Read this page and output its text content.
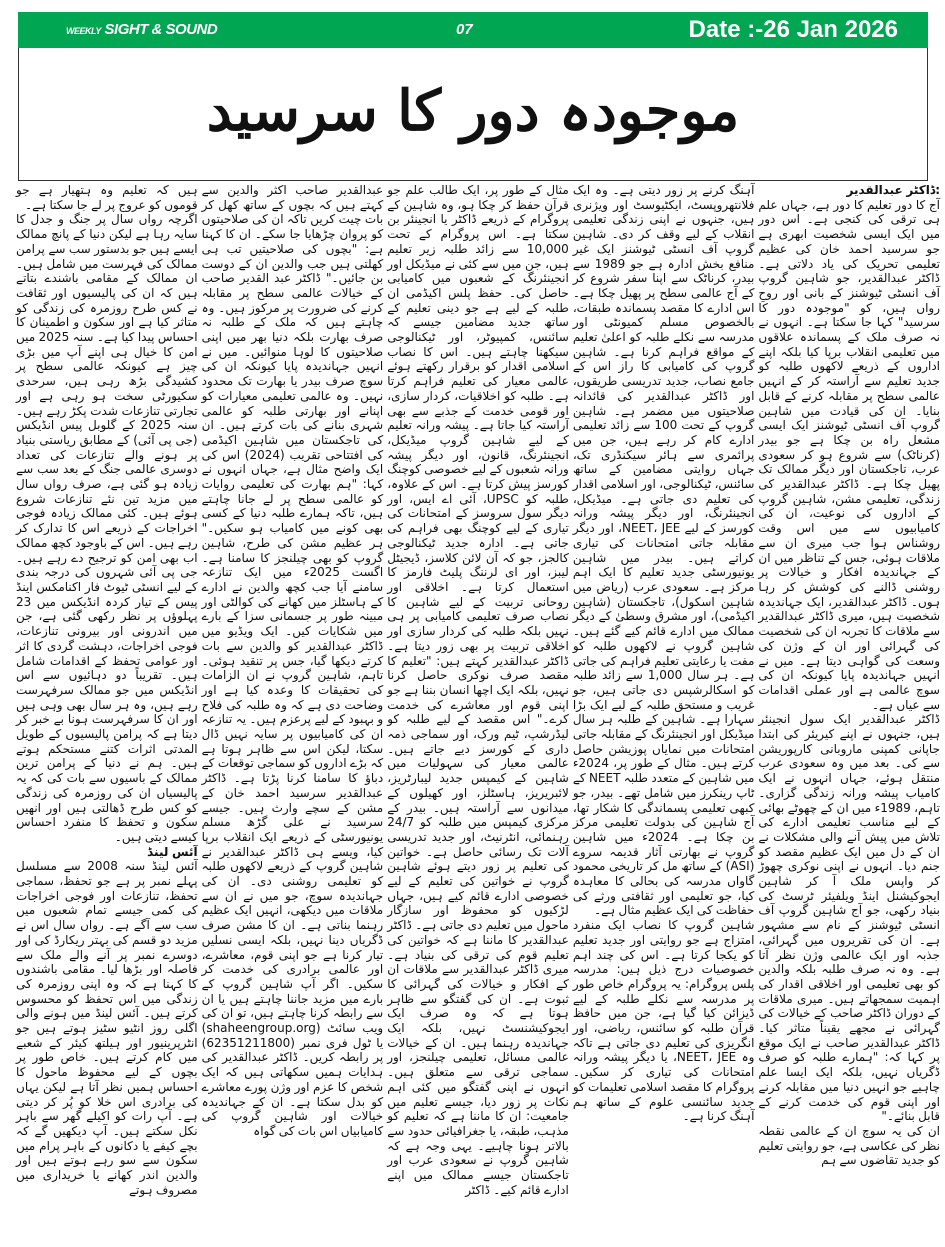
WEEKLY SIGHT & SOUND	07	Date :-26 Jan 2026
موجودہ دور کا سرسید

:ڈاکٹر عبدالقدیر

آج کا دور تعلیم کا دور ہے، جہاں علم ہی ترقی کی کنجی ہے۔ اس دور میں ایک ایسی شخصیت ابھری ہے جو سرسید احمد خان کی عظیم تعلیمی تحریک کی یاد دلاتی ہے۔ ڈاکٹر عبدالقدیر، جو شاہین گروپ آف انسٹی ٹیوشنز کے بانی اور روحِ رواں ہیں، کو "موجودہ دور کا سرسید" کہا جا سکتا ہے۔ انہوں نے نہ صرف ملک کے پسماندہ علاقوں میں تعلیمی انقلاب برپا کیا بلکہ اپنے اداروں کے ذریعے لاکھوں طلبہ کو جدید تعلیم سے آراستہ کر کے انہیں عالمی سطح پر مقابلہ کرنے کے قابل بنایا۔ ان کی قیادت میں شاہین گروپ آف انسٹی ٹیوشنز ایک ایسی مشعل راہ بن چکا ہے جو بیدر (کرناٹک) سے شروع ہو کر سعودی عرب، تاجکستان اور دیگر ممالک تک پھیل چکا ہے۔ ڈاکٹر عبدالقدیر کی زندگی، تعلیمی مشن، شاہین گروپ کے اداروں کی نوعیت، ان کی کامیابیوں سے میں اس وقت روشناس ہوا جب میری ان سے ملاقات ہوئی، جس کے تناظر میں ان کے جہاندیدہ افکار و خیالات پر روشنی ڈالنے کی کوشش کر رہا ہوں۔ ڈاکٹر عبدالقدیر، ایک جہاندیدہ شخصیت ہیں، میری ڈاکٹر عبدالقدیر سے ملاقات کا تجربہ ان کی شخصیت کی گہرائی اور ان کے وژن کی وسعت کی گواہی دیتا ہے۔ میں نے انہیں جہاندیدہ پایا کیونکہ ان کی سوچ عالمی ہے اور عملی اقدامات سے عیاں ہے۔

ڈاکٹر عبدالقدیر ایک سول انجینئر ہیں، جنہوں نے اپنے کیریئر کی ابتدا جاپانی کمپنی ماروبانی کارپوریشن سے کی۔ بعد میں وہ سعودی عرب منتقل ہوئے، جہاں انہوں نے ایک کامیاب پیشہ ورانہ زندگی گزاری۔ تاہم، 1989ء میں ان کے چھوٹے بھائی کے لیے مناسب تعلیمی ادارے کی تلاش میں پیش آنے والی مشکلات نے ان کے دل میں ایک عظیم مقصد کو جنم دیا۔ انہوں نے اپنی نوکری چھوڑ کر واپس ملک آ کر شاہین ایجوکیشنل اینڈ ویلفیئر ٹرسٹ کی بنیاد رکھی، جو آج شاہین گروپ آف انسٹی ٹیوشنز کے نام سے مشہور ہے۔ ان کی تقریروں میں گہرائی، جذبہ اور ایک عالمی وژن نظر آتا ہے۔ وہ نہ صرف طلبہ بلکہ والدین کو بھی تعلیمی اور اخلاقی اقدار کی اہمیت سمجھاتے ہیں۔ میری ملاقات کے دوران ڈاکٹر صاحب کے خیالات کی گہرائی نے مجھے یقیناً متاثر کیا۔ ڈاکٹر عبدالقدیر صاحب نے ایک موقع پر کہا کہ: "ہمارے طلبہ کو صرف ڈگریاں نہیں، بلکہ ایک ایسا علم چاہیے جو انہیں دنیا میں مقابلہ کرنے اور اپنی قوم کی خدمت کرنے کے قابل بنائے۔"

ان کی یہ سوچ ان کے عالمی نقطہ نظر کی عکاسی ہے، جو روایتی تعلیم کو جدید تقاضوں سے ہم

آہنگ کرنے پر زور دیتی ہے۔ وہ ایک فلانتھروپسٹ، ایکٹیوسٹ اور ویژنری ہیں، جنہوں نے اپنی زندگی تعلیمی انقلاب کے لیے وقف کر دی۔ شاہین گروپ آف انسٹی ٹیوشنز ایک غیر منافع بخش ادارہ ہے جو 1989 سے بیدر، کرناٹک سے اپنا سفر شروع کر کے آج عالمی سطح پر پھیل چکا ہے۔ اس ادارے کا مقصد پسماندہ طبقات، بالخصوص مسلم کمیونٹی اور مدرسہ سے نکلے طلبہ کو اعلیٰ تعلیم کے مواقع فراہم کرنا ہے۔ شاہین گروپ کی کامیابی کا راز اس کے جامع نصاب، جدید تدریسی طریقوں، اور ڈاکٹر عبدالقدیر کی قائدانہ صلاحیتوں میں مضمر ہے۔ شاہین گروپ کے تحت 100 سے زائد تعلیمی ادارے کام کر رہے ہیں، جن میں پرائمری سے ہائر سیکنڈری تک، جہاں روایتی مضامین کے ساتھ سائنس، ٹیکنالوجی، اور اسلامی اقدار کی تعلیم دی جاتی ہے۔ میڈیکل، انجینئرنگ، اور دیگر پیشہ ورانہ کورسز کے لیے NEET، JEE، اور دیگر مقابلہ جاتی امتحانات کی تیاری کراتے ہیں۔ بیدر میں شاہین یونیورسٹی جدید تعلیم کا ایک اہم مرکز ہے۔ سعودی عرب (ریاض میں شاہین اسکول)، تاجکستان (شاہین اکیڈمی)، اور مشرق وسطیٰ کے دیگر ممالک میں ادارے قائم کیے گئے ہیں۔ شاہین گروپ نے لاکھوں طلبہ کو مفت یا رعایتی تعلیم فراہم کی جاتی ہے۔ ہر سال 1,000 سے زائد طلبہ کو اسکالرشپس دی جاتی ہیں، جو غریب و مستحق طلبہ کے لیے ایک بڑا سہارا ہے۔ شاہین کے طلبہ ہر سال میڈیکل اور انجینئرنگ کے مقابلہ جاتی امتحانات میں نمایاں پوزیشن حاصل کرتے ہیں۔ مثال کے طور پر، 2024ء میں شاہین کے متعدد طلبہ NEET کے ٹاپ رینکرز میں شامل تھے۔ بیدر، جو کبھی تعلیمی پسماندگی کا شکار تھا، آج شاہین کی بدولت تعلیمی مرکز بن چکا ہے۔ 2024ء میں شاہین گروپ نے بھارتی آثار قدیمہ سروے (ASI) کے ساتھ مل کر تاریخی محمود گاواں مدرسہ کی بحالی کا معاہدہ کیا، جو تعلیمی اور ثقافتی ورثے کی حفاظت کی ایک عظیم مثال ہے۔

شاہین گروپ کا نصاب ایک منفرد امتزاج ہے جو روایتی اور جدید تعلیم کو یکجا کرتا ہے۔ اس کی چند اہم خصوصیات درج ذیل ہیں: مدرسہ پلس پروگرام: یہ پروگرام خاص طور پر مدرسہ سے نکلے طلبہ کے لیے ڈیزائن کیا گیا ہے، جن میں حافظ قرآن طلبہ کو سائنس، ریاضی، اور انگریزی کی تعلیم دی جاتی ہے تاکہ وہ NEET، JEE، یا دیگر پیشہ ورانہ امتحانات کی تیاری کر سکیں۔ پروگرام کا مقصد اسلامی تعلیمات کو جدید سائنسی علوم کے ساتھ ہم آہنگ کرنا ہے۔

مثال کے طور پر، ایک طالب علم جو قرآن حفظ کر چکا ہو، وہ شاہین کے پروگرام کے ذریعے ڈاکٹر یا انجینئر بن سکتا ہے۔ اس پروگرام کے تحت 10,000 سے زائد طلبہ زیر تعلیم ہیں، جن میں سے کئی نے میڈیکل اور انجینئرنگ کے شعبوں میں کامیابی حاصل کی۔ حفظ پلس اکیڈمی ان طلبہ کے لیے ہے جو دینی تعلیم کے ساتھ جدید مضامین جیسے کہ سائنس، کمپیوٹر، اور ٹیکنالوجی سیکھنا چاہتے ہیں۔ اس کا نصاب اسلامی اقدار کو برقرار رکھتے ہوئے عالمی معیار کی تعلیم فراہم کرتا ہے۔ طلبہ کو اخلاقیات، کردار سازی، اور قومی خدمت کے جذبے سے بھی آراستہ کیا جاتا ہے۔ پیشہ ورانہ تعلیم کے لیے شاہین گروپ میڈیکل، انجینئرنگ، قانون، اور دیگر پیشہ ورانہ شعبوں کے لیے خصوصی کوچنگ کورسز پیش کرتا ہے۔ اس کے علاوہ، طلبہ کو UPSC، آئی اے ایس، اور دیگر سول سروسز کے امتحانات کی تیاری کے لیے کوچنگ بھی فراہم کی جاتی ہے۔ ادارہ جدید ٹیکنالوجی کالجز، جو کہ آن لائن کلاسز، ڈیجیٹل لیبز، اور ای لرننگ پلیٹ فارمز کا استعمال کرتا ہے۔ اخلاقی اور روحانی تربیت کے لیے شاہین کا نصاب صرف تعلیمی کامیابی پر ہی نہیں بلکہ طلبہ کی کردار سازی اور اخلاقی تربیت پر بھی زور دیتا ہے۔ ڈاکٹر عبدالقدیر کہتے ہیں: "تعلیم کا مقصد صرف نوکری حاصل کرنا نہیں، بلکہ ایک اچھا انسان بننا ہے جو اپنی قوم اور معاشرے کی خدمت کرے۔" اس مقصد کے لیے طلبہ کو لیڈرشپ، ٹیم ورک، اور سماجی ذمہ داری کے کورسز دیے جاتے ہیں۔ عالمی معیار کی سہولیات میں شاہین کے کیمپس جدید لیبارٹریز، لائبریریز، ہاسٹلز، اور کھیلوں کے میدانوں سے آراستہ ہیں۔ بیدر کے مرکزی کیمپس میں طلبہ کو 24/7 رہنمائی، انٹرنیٹ، اور جدید تدریسی آلات تک رسائی حاصل ہے۔ خواتین کی تعلیم پر زور دیتے ہوئے شاہین گروپ نے خواتین کی تعلیم کے لیے خصوصی ادارے قائم کیے ہیں، جہاں لڑکیوں کو محفوظ اور سازگار ماحول میں تعلیم دی جاتی ہے۔ ڈاکٹر عبدالقدیر کا ماننا ہے کہ خواتین کی تعلیم قوم کی ترقی کی بنیاد ہے۔ میری ڈاکٹر عبدالقدیر سے ملاقات ان کے افکار و خیالات کی گہرائی کا ثبوت ہے۔ ان کی گفتگو سے ظاہر ہوتا ہے کہ وہ صرف ایک ایجوکیشنسٹ نہیں، بلکہ ایک جہاندیدہ رہنما ہیں۔ ان کے خیالات عالمی مسائل، تعلیمی چیلنجز، اور سماجی ترقی سے متعلق ہیں۔ انہوں نے اپنی گفتگو میں کئی اہم نکات پر زور دیا، جیسے تعلیم میں جامعیت: ان کا ماننا ہے کہ تعلیم کو مذہب، طبقہ، یا جغرافیائی حدود سے بالاتر ہونا چاہیے۔ یہی وجہ ہے کہ شاہین گروپ نے سعودی عرب اور تاجکستان جیسے ممالک میں اپنے ادارے قائم کیے۔ ڈاکٹر

عبدالقدیر صاحب اکثر والدین سے کہتے ہیں کہ بچوں کے ساتھ کھل کر بات چیت کریں تاکہ ان کی صلاحیتوں کو پروان چڑھایا جا سکے۔ ان کا کہنا ہے: "بچوں کی صلاحیتیں تب ہی کھلتی ہیں جب والدین ان کے دوست بن جائیں۔" ڈاکٹر عبد القدیر صاحب کے خیالات عالمی سطح پر مقابلہ کرنے کی ضرورت پر مرکوز ہیں۔ وہ چاہتے ہیں کہ ملک کے طلبہ نہ صرف بھارت بلکہ دنیا بھر میں اپنی صلاحیتوں کا لوہا منوائیں۔ میں نے انہیں جہاندیدہ پایا کیونکہ ان کی سوچ صرف بیدر یا بھارت تک محدود نہیں۔ وہ عالمی تعلیمی معیارات کو اپنانے اور بھارتی طلبہ کو عالمی شہری بنانے کی بات کرتے ہیں۔ ان کی تاجکستان میں شاہین اکیڈمی کی افتتاحی تقریب (2024) اس کی ایک واضح مثال ہے، جہاں انہوں نے کہا: "ہم بھارت کی تعلیمی روایات کو عالمی سطح پر لے جانا چاہتے ہیں، تاکہ ہمارے طلبہ دنیا کے کسی بھی کونے میں کامیاب ہو سکیں۔" ہر عظیم مشن کی طرح، شاہین گروپ کو بھی چیلنجز کا سامنا ہے۔ اگست 2025ء میں ایک تنازعہ سامنے آیا جب کچھ والدین نے ادارے کے ہاسٹلز میں کھانے کی کوالٹی اور مبینہ طور پر جسمانی سزا کے بارے میں شکایات کیں۔ ایک ویڈیو میں ڈاکٹر عبدالقدیر کو والدین سے بات کرتے دیکھا گیا، جس پر تنقید ہوئی۔ تاہم، شاہین گروپ نے ان الزامات کی تحقیقات کا وعدہ کیا ہے اور وضاحت دی ہے کہ وہ طلبہ کی فلاح و بہبود کے لیے پرعزم ہیں۔ یہ تنازعہ ان کی کامیابیوں پر سایہ نہیں ڈال سکتا، لیکن اس سے ظاہر ہوتا ہے کہ بڑے اداروں کو سماجی توقعات کے دباؤ کا سامنا کرنا پڑتا ہے۔ ڈاکٹر عبدالقدیر سرسید احمد خان کے مشن کے سچے وارث ہیں۔ جیسے سرسید نے علی گڑھ مسلم یونیورسٹی کے ذریعے ایک انقلاب برپا کیا، ویسے ہی ڈاکٹر عبدالقدیر نے شاہین گروپ کے ذریعے لاکھوں طلبہ کو تعلیمی روشنی دی۔ ان کی جہاندیدہ سوچ، جو میں نے ان سے ملاقات میں دیکھی، انہیں ایک عظیم رہنما بناتی ہے۔ ان کا مشن صرف ڈگریاں دینا نہیں، بلکہ ایسی نسلیں تیار کرنا ہے جو اپنی قوم، معاشرے، اور عالمی برادری کی خدمت کر سکیں۔ اگر آپ شاہین گروپ کے بارے میں مزید جاننا چاہتے ہیں یا ان سے رابطہ کرنا چاہتے ہیں، تو ان کی ویب سائٹ (shaheengroup.org) یا ٹول فری نمبر (62351211800) پر رابطہ کریں۔ ڈاکٹر عبدالقدیر کی ہدایات ہمیں سکھاتی ہیں کہ ایک شخص کا عزم اور وژن پورے معاشرے کو بدل سکتا ہے۔ ان کے جہاندیدہ خیالات اور شاہین گروپ کی کامیابیاں اس بات کی گواہ

ہیں کہ تعلیم وہ ہتھیار ہے جو قوموں کو عروج پر لے جا سکتا ہے۔

اگرچہ رواں سال پر جنگ و جدل کا سایہ رہا ہے لیکن دنیا کے پانچ ممالک ایسے ہیں جو بدستور سب سے پرامن ممالک کی فہرست میں شامل ہیں۔ ان ممالک کے مقامی باشندے بتاتے ہیں کہ ان کی پالیسیوں اور ثقافت نے کس طرح روزمرہ کی زندگی کو متاثر کیا ہے اور سکون و اطمینان کا احساس پیدا کیا ہے۔ سنہ 2025 میں امن کا خیال ہی اپنے آپ میں بڑی چیز ہے کیونکہ عالمی سطح پر کشیدگی بڑھ رہی ہیں، سرحدی سکیورٹی سخت ہو رہی ہے اور تجارتی تنازعات شدت پکڑ رہے ہیں۔ سنہ 2025 کے گلوبل پیس انڈیکس (جی پی آئی) کے مطابق ریاستی بنیاد پر ہونے والے تنازعات کی تعداد دوسری عالمی جنگ کے بعد سب سے زیادہ ہو گئی ہے، صرف رواں سال میں مزید تین نئے تنازعات شروع ہوئے ہیں۔ کئی ممالک زیادہ فوجی اخراجات کے ذریعے اس کا تدارک کر رہے ہیں۔ اس کے باوجود کچھ ممالک اب بھی امن کو ترجیح دے رہے ہیں۔ جی پی آئی شہروں کی درجہ بندی کے لیے انسٹی ٹیوٹ فار اکنامکس اینڈ پیس کے تیار کردہ انڈیکس میں 23 پہلوؤں پر نظر رکھی گئی ہے، جن میں اندرونی اور بیرونی تنازعات، فوجی اخراجات، دہشت گردی کا اثر اور عوامی تحفظ کے اقدامات شامل ہیں۔ تقریباً دو دہائیوں سے اس انڈیکس میں جو ممالک سرفہرست رہے ہیں، وہ ہر سال بھی وہی ہیں اور ان کا سرفہرست ہونا بے خبر کر دیتا ہے کہ پرامن پالیسیوں کے طویل المدتی اثرات کتنے مستحکم ہوتے ہیں۔ ہم نے دنیا کے پرامن ترین ممالک کے باسیوں سے بات کی کہ یہ پالیسیاں ان کی روزمرہ کی زندگی کو کس طرح ڈھالتی ہیں اور انھیں سکون و تحفظ کا منفرد احساس کیسے دیتی ہیں۔

آئس لینڈ

آئس لینڈ سنہ 2008 سے مسلسل پہلے نمبر پر ہے جو تحفظ، سماجی تحفظ، تنازعات اور فوجی اخراجات کی کمی جیسے تمام شعبوں میں سب سے آگے ہے۔ رواں سال اس نے مزید دو قسم کی بہتر ریکارڈ کی اور دوسرے نمبر پر آنے والے ملک سے فاصلہ اور بڑھا لیا۔ مقامی باشندوں کا کہنا ہے کہ وہ اپنی روزمرہ کی زندگی میں اس تحفظ کو محسوس کرتے ہیں۔ آئس لینڈ میں ہونے والی اگلی روز انٹیو سٹیز ہوتے ہیں جو انٹرپرینیور اور ہیلتھ کیئر کے شعبے میں کام کرتے ہیں۔ خاص طور پر بچوں کے لیے محفوظ ماحول کا احساس ہمیں نظر آتا ہے لیکن یہاں کی برادری اس خلا کو پُر کر دیتی ہے۔ آپ رات کو اکیلے گھر سے باہر نکل سکتے ہیں۔ آپ دیکھیں گے کہ بچے کیفے یا دکانوں کے باہر پرام میں سکون سے سو رہے ہوتے ہیں اور والدین اندر کھانے یا خریداری میں مصروف ہوتے
